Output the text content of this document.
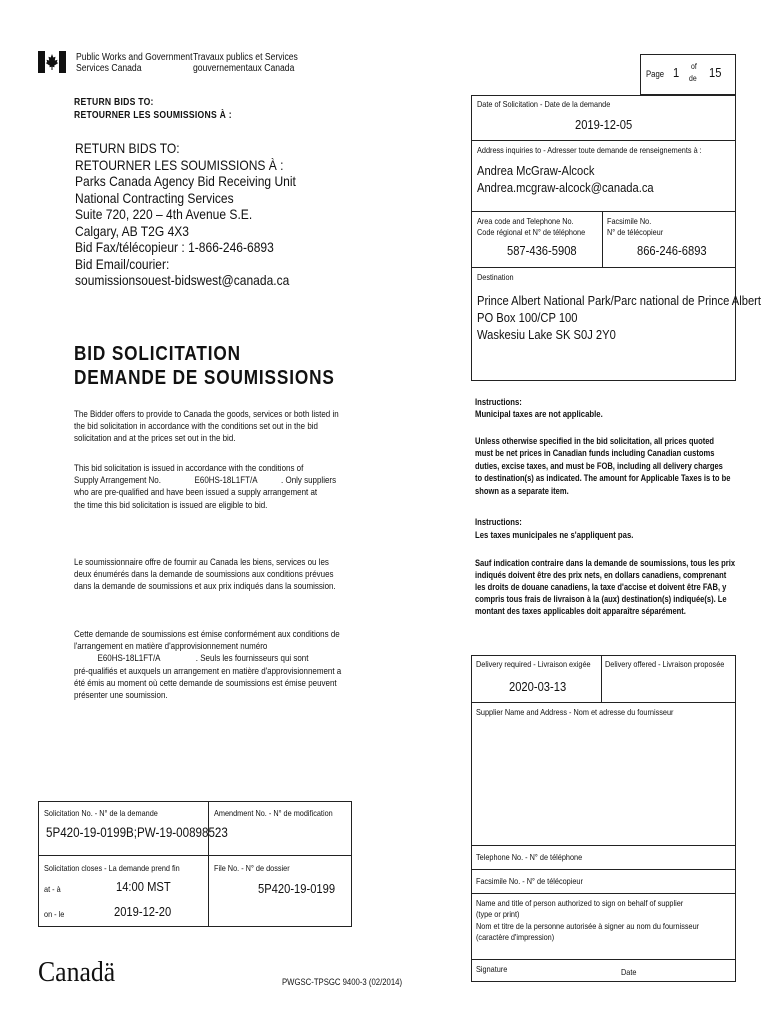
Public Works and Government
Services Canada
Travaux publics et Services
gouvernementaux Canada
RETURN BIDS TO:
RETOURNER LES SOUMISSIONS À :
RETURN BIDS TO:
RETOURNER LES SOUMISSIONS À :
Parks Canada Agency Bid Receiving Unit
National Contracting Services
Suite 720, 220 – 4th Avenue S.E.
Calgary, AB T2G 4X3
Bid Fax/télécopieur : 1-866-246-6893
Bid Email/courier:
soumissionsouest-bidswest@canada.ca
BID SOLICITATION
DEMANDE DE SOUMISSIONS
The Bidder offers to provide to Canada the goods, services or both listed in the bid solicitation in accordance with the conditions set out in the bid solicitation and at the prices set out in the bid.

This bid solicitation is issued in accordance with the conditions of

Supply Arrangement No.	E60HS-18L1FT/A . Only suppliers

who are pre-qualified and have been issued a supply arrangement at

the time this bid solicitation is issued are eligible to bid.

Le soumissionnaire offre de fournir au Canada les biens, services ou les deux énumérés dans la demande de soumissions aux conditions prévues dans la demande de soumissions et aux prix indiqués dans la soumission.

Cette demande de soumissions est émise conformément aux conditions de l'arrangement en matière d'approvisionnement numéro

E60HS-18L1FT/A	. Seuls les fournisseurs qui sont

pré-qualifiés et auxquels un arrangement en matière d'approvisionnement a été émis au moment où cette demande de soumissions est émise peuvent présenter une soumission.

Solicitation No. - N° de la demande
5P420-19-0199B;PW-19-00898523
Amendment No. - N° de modification
Solicitation closes - La demande prend fin
at - à	14:00 MST
on - le	2019-12-20
File No. - N° de dossier
5P420-19-0199
Page 1 of
de 15
Date of Solicitation - Date de la demande
2019-12-05
Address inquiries to - Adresser toute demande de renseignements à :
Andrea McGraw-Alcock
Andrea.mcgraw-alcock@canada.ca
Area code and Telephone No.
Code régional et N° de téléphone
587-436-5908
Facsimile No.
N° de télécopieur
866-246-6893
Destination
Prince Albert National Park/Parc national de Prince Albert
PO Box 100/CP 100
Waskesiu Lake SK S0J 2Y0
Instructions:
Municipal taxes are not applicable.
Unless otherwise specified in the bid solicitation, all prices quoted must be net prices in Canadian funds including Canadian customs duties, excise taxes, and must be FOB, including all delivery charges to destination(s) as indicated. The amount for Applicable Taxes is to be shown as a separate item.
Instructions:
Les taxes municipales ne s'appliquent pas.
Sauf indication contraire dans la demande de soumissions, tous les prix indiqués doivent être des prix nets, en dollars canadiens, comprenant les droits de douane canadiens, la taxe d'accise et doivent être FAB, y compris tous frais de livraison à la (aux) destination(s) indiquée(s). Le montant des taxes applicables doit apparaître séparément.
Delivery required - Livraison exigée
2020-03-13
Delivery offered - Livraison proposée
Supplier Name and Address - Nom et adresse du fournisseur
Telephone No. - N° de téléphone
Facsimile No. - N° de télécopieur
Name and title of person authorized to sign on behalf of supplier
(type or print)
Nom et titre de la personne autorisée à signer au nom du fournisseur
(caractère d'impression)
Signature	Date
Canadä	PWGSC-TPSGC 9400-3 (02/2014)
